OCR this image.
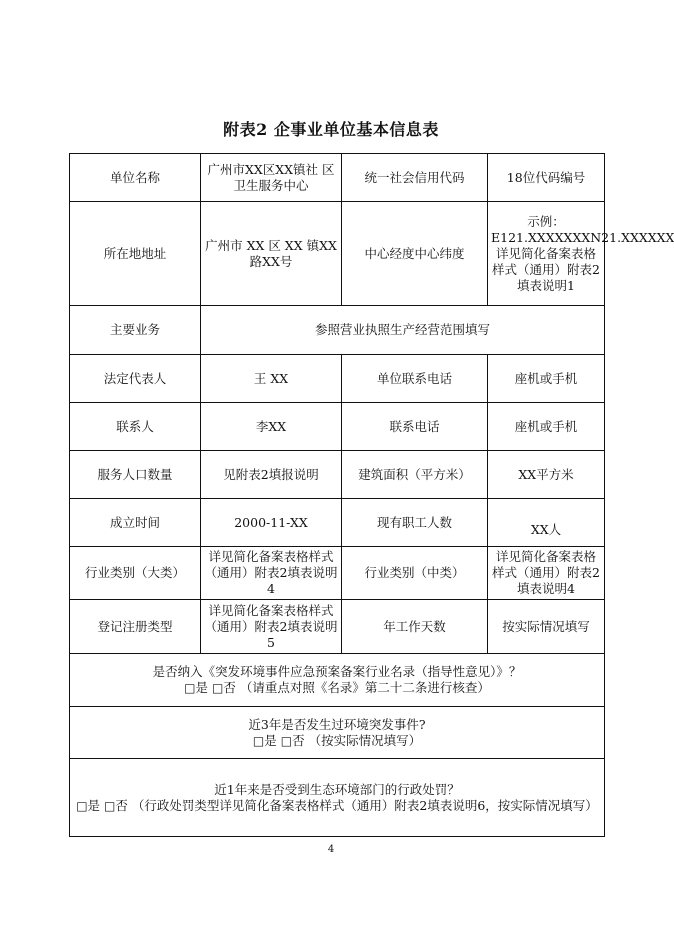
附表2 企事业单位基本信息表
单位名称	广州市XX区XX镇社 区卫生服务中心	统一社会信用代码	18位代码编号
所在地地址	广州市 XX 区 XX 镇XX路XX号	中心经度中心纬度	示例：E121.XXXXXXXN21.XXXXXX详见简化备案表格样式（通用）附表2填表说明1
主要业务	参照营业执照生产经营范围填写		
法定代表人	王 XX	单位联系电话	座机或手机
联系人	李XX	联系电话	座机或手机
服务人口数量	见附表2填报说明	建筑面积（平方米）	XX平方米
成立时间	2000-11-XX	现有职工人数	XX人
行业类别（大类）	详见简化备案表格样式（通用）附表2填表说明4	行业类别（中类）	详见简化备案表格样式（通用）附表2填表说明4
登记注册类型	详见简化备案表格样式（通用）附表2填表说明5	年工作天数	按实际情况填写

是否纳入《突发环境事件应急预案备案行业名录（指导性意见）》？
□是 □否 （请重点对照《名录》第二十二条进行核查）			

近3年是否发生过环境突发事件?
□是 □否 （按实际情况填写）			

近1年来是否受到生态环境部门的行政处罚？
□是 □否 （行政处罚类型详见简化备案表格样式（通用）附表2填表说明6，按实际情况填写）			
4
